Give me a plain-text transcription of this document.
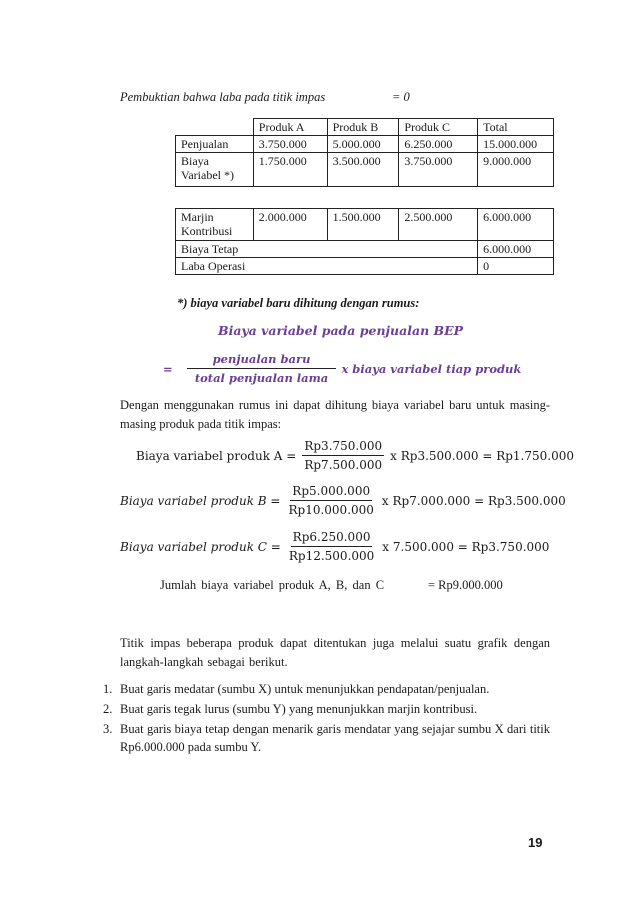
Pembuktian bahwa laba pada titik impas	= 0
	Produk A	Produk B	Produk C	Total
Penjualan	3.750.000	5.000.000	6.250.000	15.000.000
Biaya
Variabel *)	1.750.000	3.500.000	3.750.000	9.000.000

Marjin
Kontribusi	2.000.000	1.500.000	2.500.000	6.000.000
Biaya Tetap				6.000.000
Laba Operasi				0
*) biaya variabel baru dihitung dengan rumus:
Biaya variabel pada penjualan BEP
= $\frac{\text{penjualan baru}}{\text{total penjualan lama}}$ x biaya variabel tiap produk
Dengan menggunakan rumus ini dapat dihitung biaya variabel baru untuk masing-masing produk pada titik impas:
Biaya variabel produk $A = \frac{Rp3.750.000}{Rp7.500.000}$ x Rp3.500.000 = Rp1.750.000
Biaya variabel produk $B = \frac{Rp5.000.000}{Rp10.000.000}$ x Rp7.000.000 = Rp3.500.000
Biaya variabel produk $C = \frac{Rp6.250.000}{Rp12.500.000}$ x 7.500.000 = Rp3.750.000
Jumlah biaya variabel produk A, B, dan C	= Rp9.000.000
Titik impas beberapa produk dapat ditentukan juga melalui suatu grafik dengan langkah-langkah sebagai berikut.
1. Buat garis medatar (sumbu X) untuk menunjukkan pendapatan/penjualan.
2. Buat garis tegak lurus (sumbu Y) yang menunjukkan marjin kontribusi.
3. Buat garis biaya tetap dengan menarik garis mendatar yang sejajar sumbu X dari titik Rp6.000.000 pada sumbu Y.
19
